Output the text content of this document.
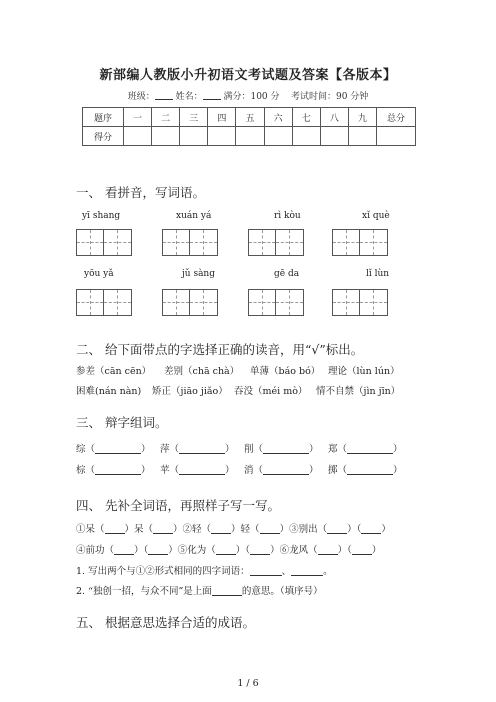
新部编人教版小升初语文考试题及答案【各版本】
班级： 姓名： 满分：100 分 考试时间：90 分钟
题序	一	二	三	四	五	六	七	八	九	总分
得分										
一、 看拼音，写词语。
yī shang	xuán yá	rì kòu	xǐ què
yōu yǎ	jǔ sàng	gē da	lǐ lùn
二、 给下面带点的字选择正确的读音，用“√”标出。
参差（cān cēn） 差别（chā chà） 单薄（báo bó） 理论（lùn lún）
困难(nán nàn) 矫正（jiāo jiǎo） 吞没（méi mò） 情不自禁（jìn jīn）
三、 辩字组词。
综（	） 萍（	） 削（	） 郑（	）
棕（	） 苹（	） 消（	） 掷（	）
四、 先补全词语，再照样子写一写。
①呆（ ）呆（ ）②轻（ ）轻（ ）③别出（ ）（ ）
④前功（ ）（ ）⑤化为（ ）（ ）⑥龙风（ ）（ ）
1. 写出两个与①②形式相同的四字词语：	、	。
2. “独创一招，与众不同”是上面	的意思。（填序号）
五、 根据意思选择合适的成语。
1 / 6
